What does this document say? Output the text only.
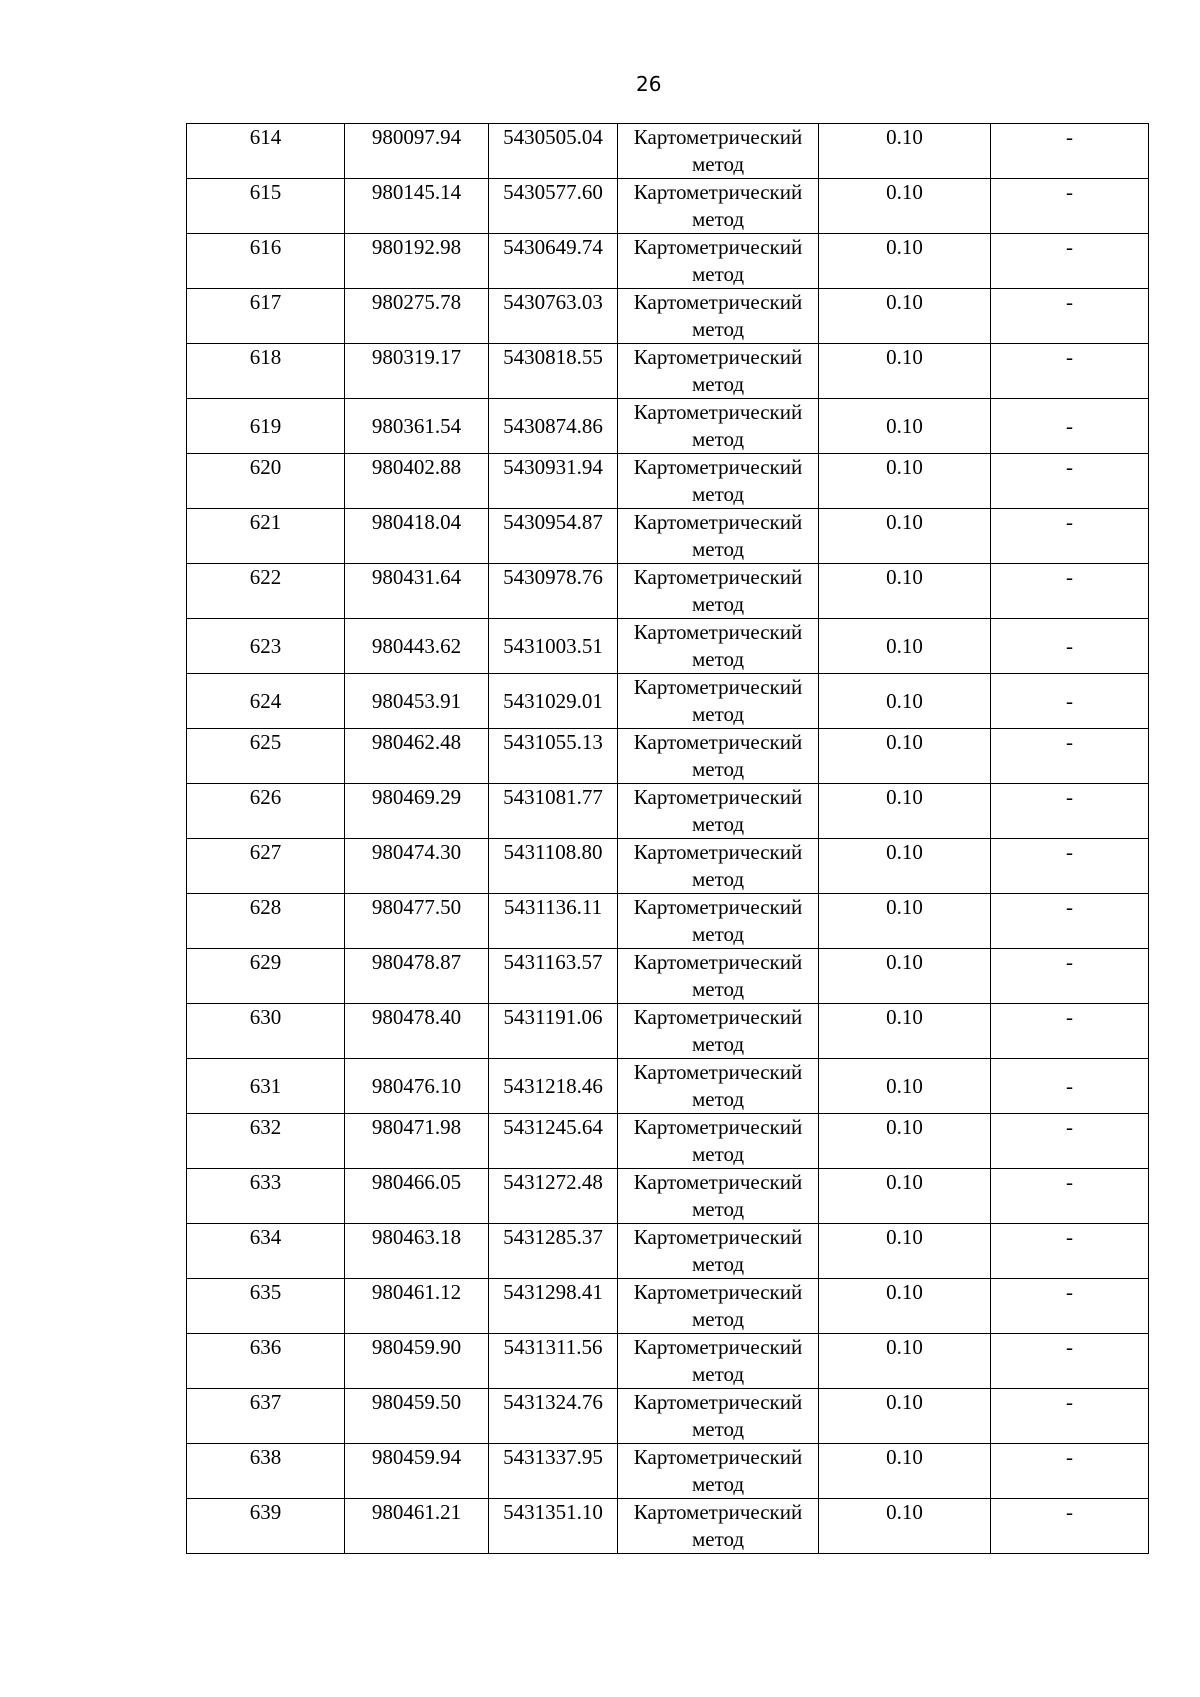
26
614	980097.94	5430505.04	Картометрический метод	0.10	-
615	980145.14	5430577.60	Картометрический метод	0.10	-
616	980192.98	5430649.74	Картометрический метод	0.10	-
617	980275.78	5430763.03	Картометрический метод	0.10	-
618	980319.17	5430818.55	Картометрический метод	0.10	-
619	980361.54	5430874.86	Картометрический метод	0.10	-
620	980402.88	5430931.94	Картометрический метод	0.10	-
621	980418.04	5430954.87	Картометрический метод	0.10	-
622	980431.64	5430978.76	Картометрический метод	0.10	-
623	980443.62	5431003.51	Картометрический метод	0.10	-
624	980453.91	5431029.01	Картометрический метод	0.10	-
625	980462.48	5431055.13	Картометрический метод	0.10	-
626	980469.29	5431081.77	Картометрический метод	0.10	-
627	980474.30	5431108.80	Картометрический метод	0.10	-
628	980477.50	5431136.11	Картометрический метод	0.10	-
629	980478.87	5431163.57	Картометрический метод	0.10	-
630	980478.40	5431191.06	Картометрический метод	0.10	-
631	980476.10	5431218.46	Картометрический метод	0.10	-
632	980471.98	5431245.64	Картометрический метод	0.10	-
633	980466.05	5431272.48	Картометрический метод	0.10	-
634	980463.18	5431285.37	Картометрический метод	0.10	-
635	980461.12	5431298.41	Картометрический метод	0.10	-
636	980459.90	5431311.56	Картометрический метод	0.10	-
637	980459.50	5431324.76	Картометрический метод	0.10	-
638	980459.94	5431337.95	Картометрический метод	0.10	-
639	980461.21	5431351.10	Картометрический метод	0.10	-
